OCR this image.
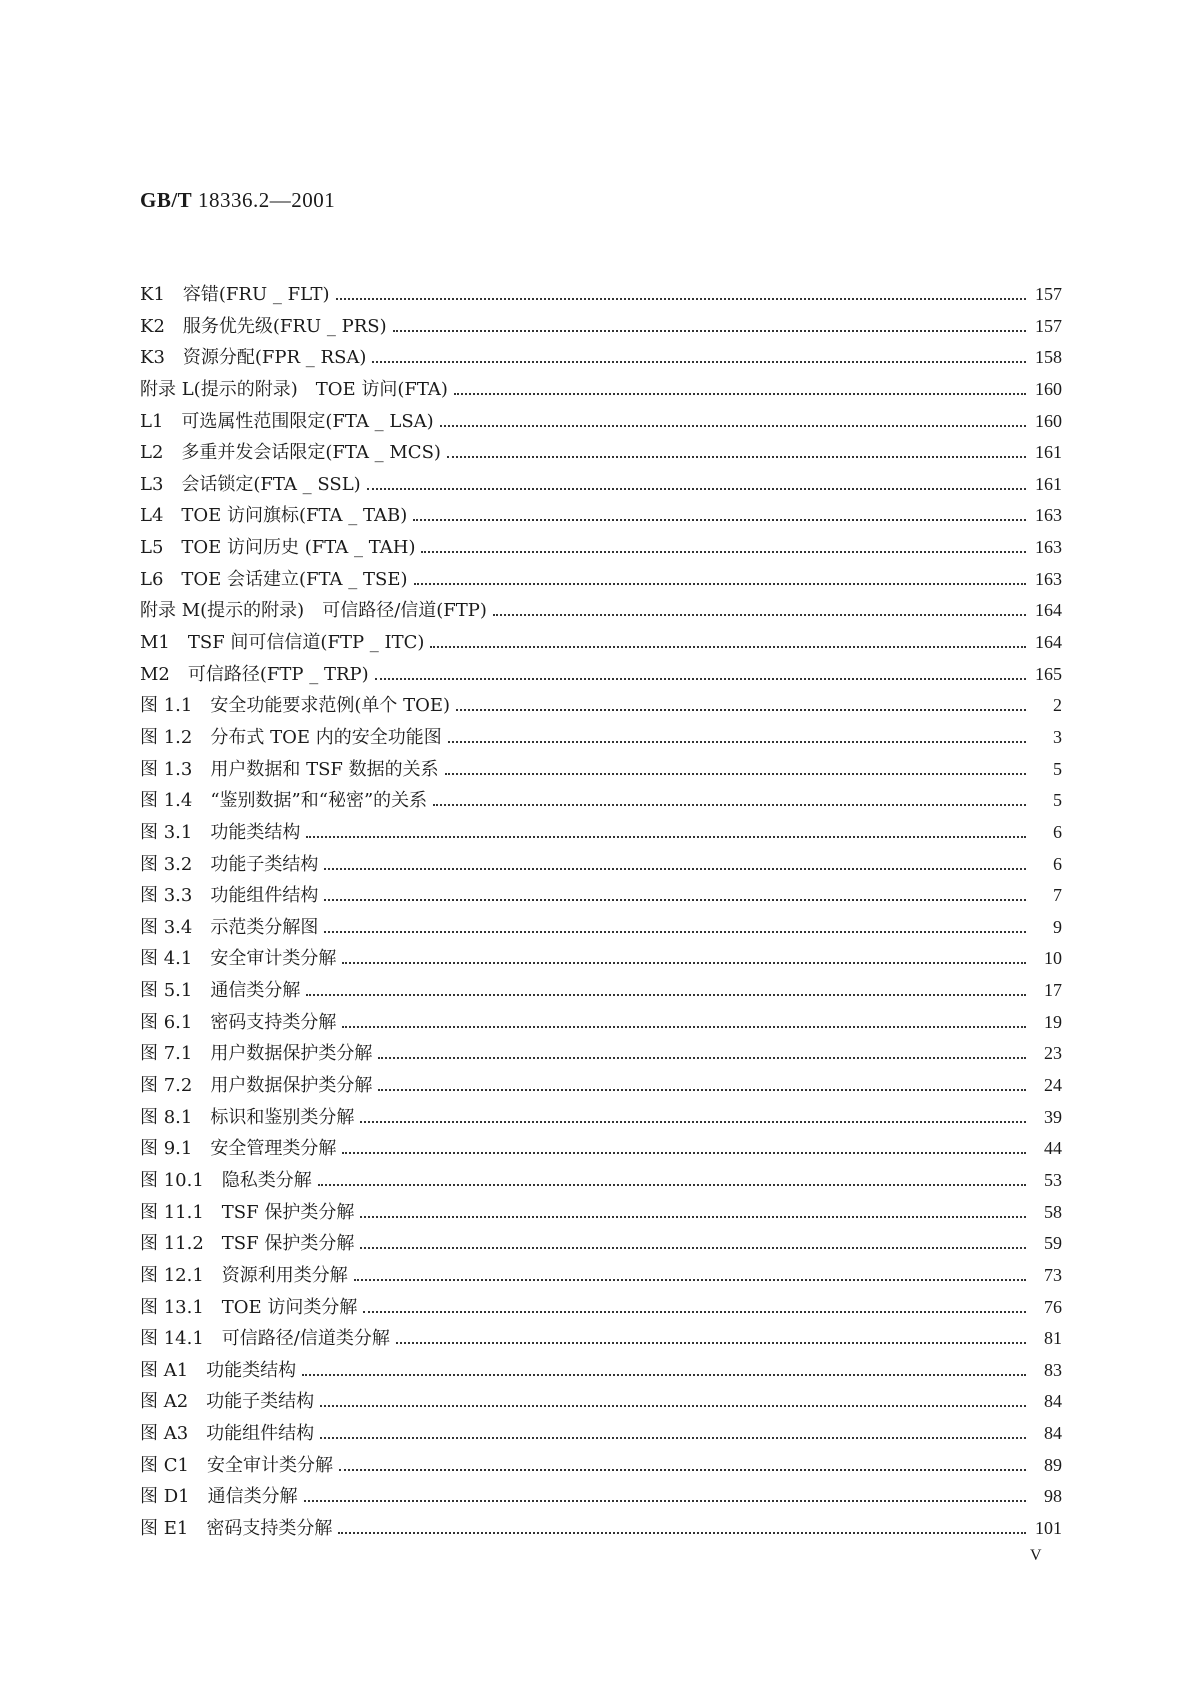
GB/T 18336.2—2001
K1　容错(FRU _ FLT)	157
K2　服务优先级(FRU _ PRS)	157
K3　资源分配(FPR _ RSA)	158
附录 L(提示的附录)　TOE 访问(FTA)	160
L1　可选属性范围限定(FTA _ LSA)	160
L2　多重并发会话限定(FTA _ MCS)	161
L3　会话锁定(FTA _ SSL)	161
L4　TOE 访问旗标(FTA _ TAB)	163
L5　TOE 访问历史 (FTA _ TAH)	163
L6　TOE 会话建立(FTA _ TSE)	163
附录 M(提示的附录)　可信路径/信道(FTP)	164
M1　TSF 间可信信道(FTP _ ITC)	164
M2　可信路径(FTP _ TRP)	165
图 1.1　安全功能要求范例(单个 TOE)	2
图 1.2　分布式 TOE 内的安全功能图	3
图 1.3　用户数据和 TSF 数据的关系	5
图 1.4　“鉴别数据”和“秘密”的关系	5
图 3.1　功能类结构	6
图 3.2　功能子类结构	6
图 3.3　功能组件结构	7
图 3.4　示范类分解图	9
图 4.1　安全审计类分解	10
图 5.1　通信类分解	17
图 6.1　密码支持类分解	19
图 7.1　用户数据保护类分解	23
图 7.2　用户数据保护类分解	24
图 8.1　标识和鉴别类分解	39
图 9.1　安全管理类分解	44
图 10.1　隐私类分解	53
图 11.1　TSF 保护类分解	58
图 11.2　TSF 保护类分解	59
图 12.1　资源利用类分解	73
图 13.1　TOE 访问类分解	76
图 14.1　可信路径/信道类分解	81
图 A1　功能类结构	83
图 A2　功能子类结构	84
图 A3　功能组件结构	84
图 C1　安全审计类分解	89
图 D1　通信类分解	98
图 E1　密码支持类分解	101
V
